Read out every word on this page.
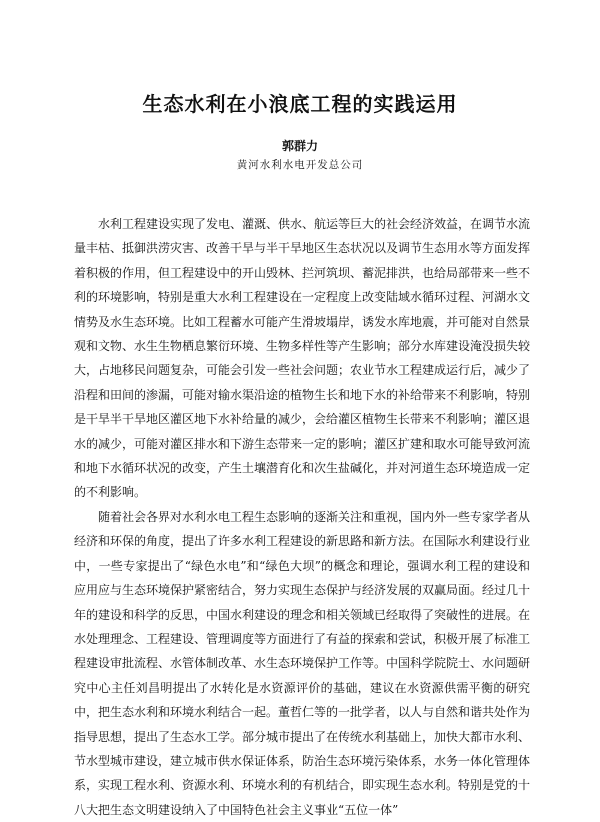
生态水利在小浪底工程的实践运用
郭群力
黄河水利水电开发总公司

水利工程建设实现了发电、灌溉、供水、航运等巨大的社会经济效益，在调节水流量丰枯、抵御洪涝灾害、改善干旱与半干旱地区生态状况以及调节生态用水等方面发挥着积极的作用，但工程建设中的开山毁林、拦河筑坝、蓄泥排洪，也给局部带来一些不利的环境影响，特别是重大水利工程建设在一定程度上改变陆域水循环过程、河湖水文情势及水生态环境。比如工程蓄水可能产生滑坡塌岸，诱发水库地震，并可能对自然景观和文物、水生生物栖息繁衍环境、生物多样性等产生影响；部分水库建设淹没损失较大，占地移民问题复杂，可能会引发一些社会问题；农业节水工程建成运行后，减少了沿程和田间的渗漏，可能对输水渠沿途的植物生长和地下水的补给带来不利影响，特别是干旱半干旱地区灌区地下水补给量的减少，会给灌区植物生长带来不利影响；灌区退水的减少，可能对灌区排水和下游生态带来一定的影响；灌区扩建和取水可能导致河流和地下水循环状况的改变，产生土壤潜育化和次生盐碱化，并对河道生态环境造成一定的不利影响。

随着社会各界对水利水电工程生态影响的逐渐关注和重视，国内外一些专家学者从经济和环保的角度，提出了许多水利工程建设的新思路和新方法。在国际水利建设行业中，一些专家提出了“绿色水电”和“绿色大坝”的概念和理论，强调水利工程的建设和应用应与生态环境保护紧密结合，努力实现生态保护与经济发展的双赢局面。经过几十年的建设和科学的反思，中国水利建设的理念和相关领域已经取得了突破性的进展。在水处理理念、工程建设、管理调度等方面进行了有益的探索和尝试，积极开展了标准工程建设审批流程、水管体制改革、水生态环境保护工作等。中国科学院院士、水问题研究中心主任刘昌明提出了水转化是水资源评价的基础，建议在水资源供需平衡的研究中，把生态水利和环境水利结合一起。董哲仁等的一批学者，以人与自然和谐共处作为指导思想，提出了生态水工学。部分城市提出了在传统水利基础上，加快大都市水利、节水型城市建设，建立城市供水保证体系，防治生态环境污染体系，水务一体化管理体系，实现工程水利、资源水利、环境水利的有机结合，即实现生态水利。特别是党的十八大把生态文明建设纳入了中国特色社会主义事业“五位一体”
